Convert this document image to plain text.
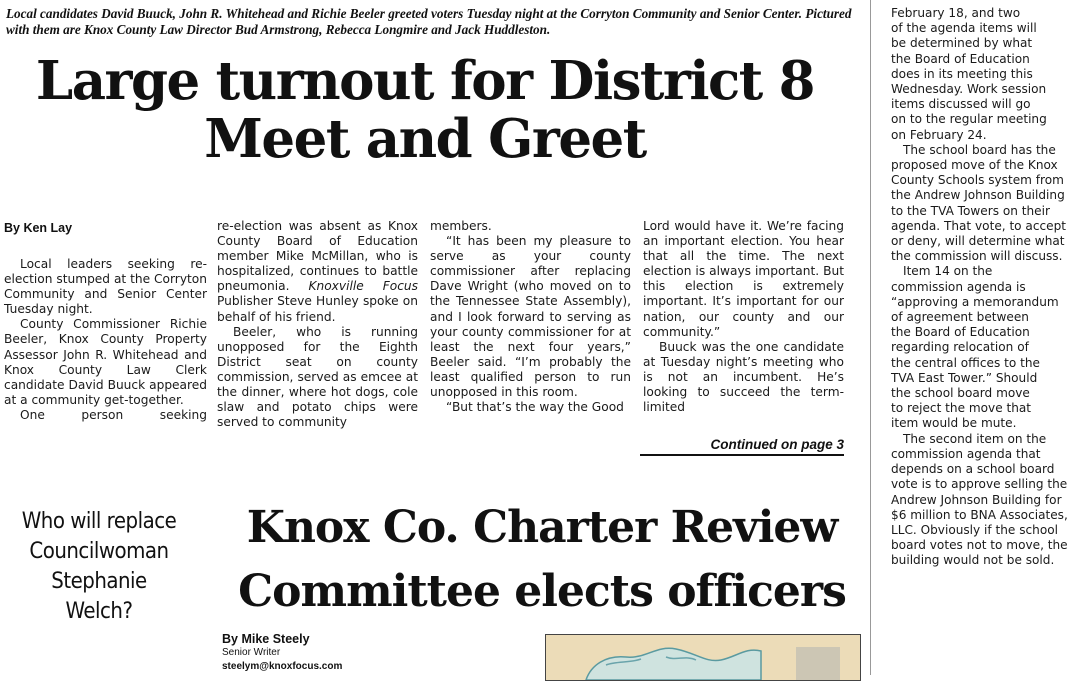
Local candidates David Buuck, John R. Whitehead and Richie Beeler greeted voters Tuesday night at the Corryton Community and Senior Center. Pictured with them are Knox County Law Director Bud Armstrong, Rebecca Longmire and Jack Huddleston.
Large turnout for District 8
Meet and Greet
By Ken Lay

Local leaders seeking re-election stumped at the Corryton Community and Senior Center Tuesday night.

County Commissioner Richie Beeler, Knox County Property Assessor John R. Whitehead and Knox County Law Clerk candidate David Buuck appeared at a community get-together.

One person seeking

re-election was absent as Knox County Board of Education member Mike McMillan, who is hospitalized, continues to battle pneumonia. Knoxville Focus Publisher Steve Hunley spoke on behalf of his friend.

Beeler, who is running unopposed for the Eighth District seat on county commission, served as emcee at the dinner, where hot dogs, cole slaw and potato chips were served to community

members.

“It has been my pleasure to serve as your county commissioner after replacing Dave Wright (who moved on to the Tennessee State Assembly), and I look forward to serving as your county commissioner for at least the next four years,” Beeler said. “I’m probably the least qualified person to run unopposed in this room.

“But that’s the way the Good

Lord would have it. We’re facing an important election. You hear that all the time. The next election is always important. But this election is extremely important. It’s important for our nation, our county and our community.”

Buuck was the one candidate at Tuesday night’s meeting who is not an incumbent. He’s looking to succeed the term-limited

Continued on page 3
Who will replace
Councilwoman
Stephanie
Welch?
Knox Co. Charter Review
Committee elects officers
By Mike Steely
Senior Writer
steelym@knoxfocus.com

February 18, and two
of the agenda items will
be determined by what
the Board of Education
does in its meeting this
Wednesday. Work session
items discussed will go
on to the regular meeting
on February 24.

The school board has the
proposed move of the Knox
County Schools system from
the Andrew Johnson Building
to the TVA Towers on their
agenda. That vote, to accept
or deny, will determine what
the commission will discuss.

Item 14 on the
commission agenda is
“approving a memorandum
of agreement between
the Board of Education
regarding relocation of
the central offices to the
TVA East Tower.” Should
the school board move
to reject the move that
item would be mute.

The second item on the
commission agenda that
depends on a school board
vote is to approve selling the
Andrew Johnson Building for
$6 million to BNA Associates,
LLC. Obviously if the school
board votes not to move, the
building would not be sold.
